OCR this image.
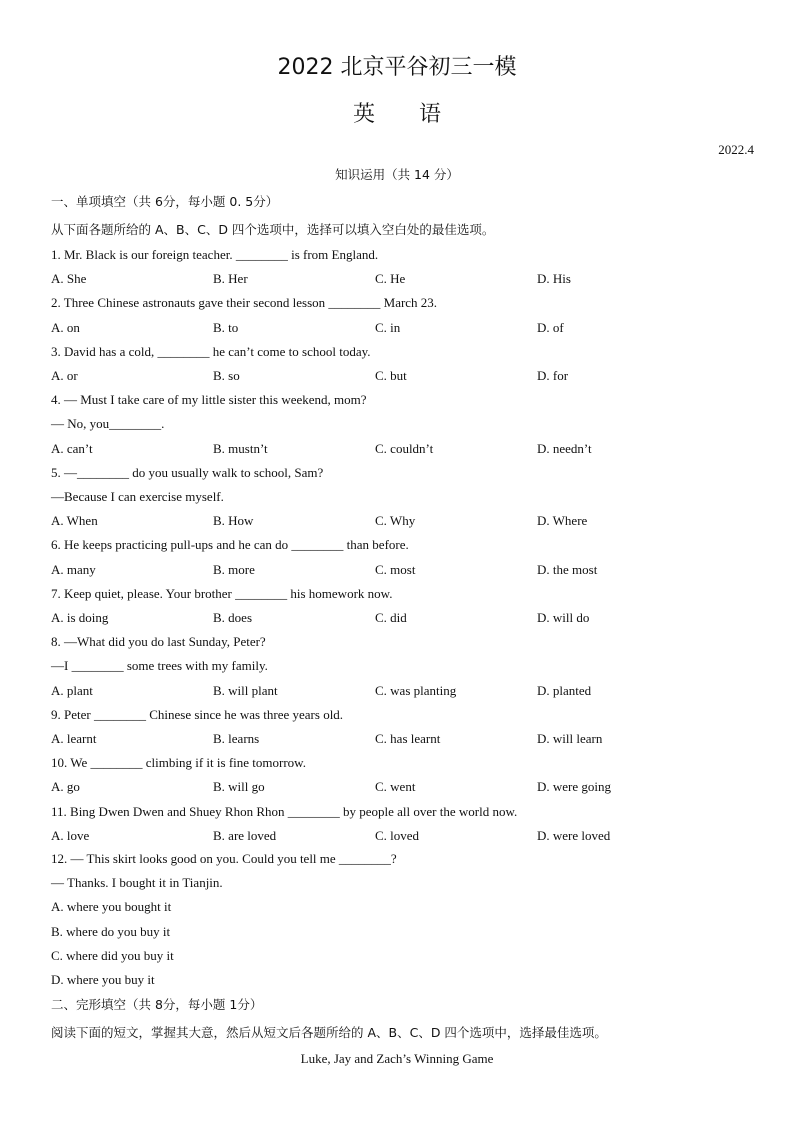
2022 北京平谷初三一模
英语
2022.4
知识运用（共 14 分）
一、单项填空（共 6分，每小题 0. 5分）
从下面各题所给的 A、B、C、D 四个选项中，选择可以填入空白处的最佳选项。
1. Mr. Black is our foreign teacher. ________ is from England.
A. She	B. Her	C. He	D. His
2. Three Chinese astronauts gave their second lesson ________ March 23.
A. on	B. to	C. in	D. of
3. David has a cold, ________ he can’t come to school today.
A. or	B. so	C. but	D. for
4. — Must I take care of my little sister this weekend, mom?
— No, you________.
A. can’t	B. mustn’t	C. couldn’t	D. needn’t
5. —________ do you usually walk to school, Sam?
—Because I can exercise myself.
A. When	B. How	C. Why	D. Where
6. He keeps practicing pull-ups and he can do ________ than before.
A. many	B. more	C. most	D. the most
7. Keep quiet, please. Your brother ________ his homework now.
A. is doing	B. does	C. did	D. will do
8. —What did you do last Sunday, Peter?
—I ________ some trees with my family.
A. plant	B. will plant	C. was planting	D. planted
9. Peter ________ Chinese since he was three years old.
A. learnt	B. learns	C. has learnt	D. will learn
10. We ________ climbing if it is fine tomorrow.
A. go	B. will go	C. went	D. were going
11. Bing Dwen Dwen and Shuey Rhon Rhon ________ by people all over the world now.
A. love	B. are loved	C. loved	D. were loved
12. — This skirt looks good on you. Could you tell me ________?
— Thanks. I bought it in Tianjin.
A. where you bought it
B. where do you buy it
C. where did you buy it
D. where you buy it
二、完形填空（共 8分，每小题 1分）
阅读下面的短文，掌握其大意，然后从短文后各题所给的 A、B、C、D 四个选项中，选择最佳选项。
Luke, Jay and Zach’s Winning Game
